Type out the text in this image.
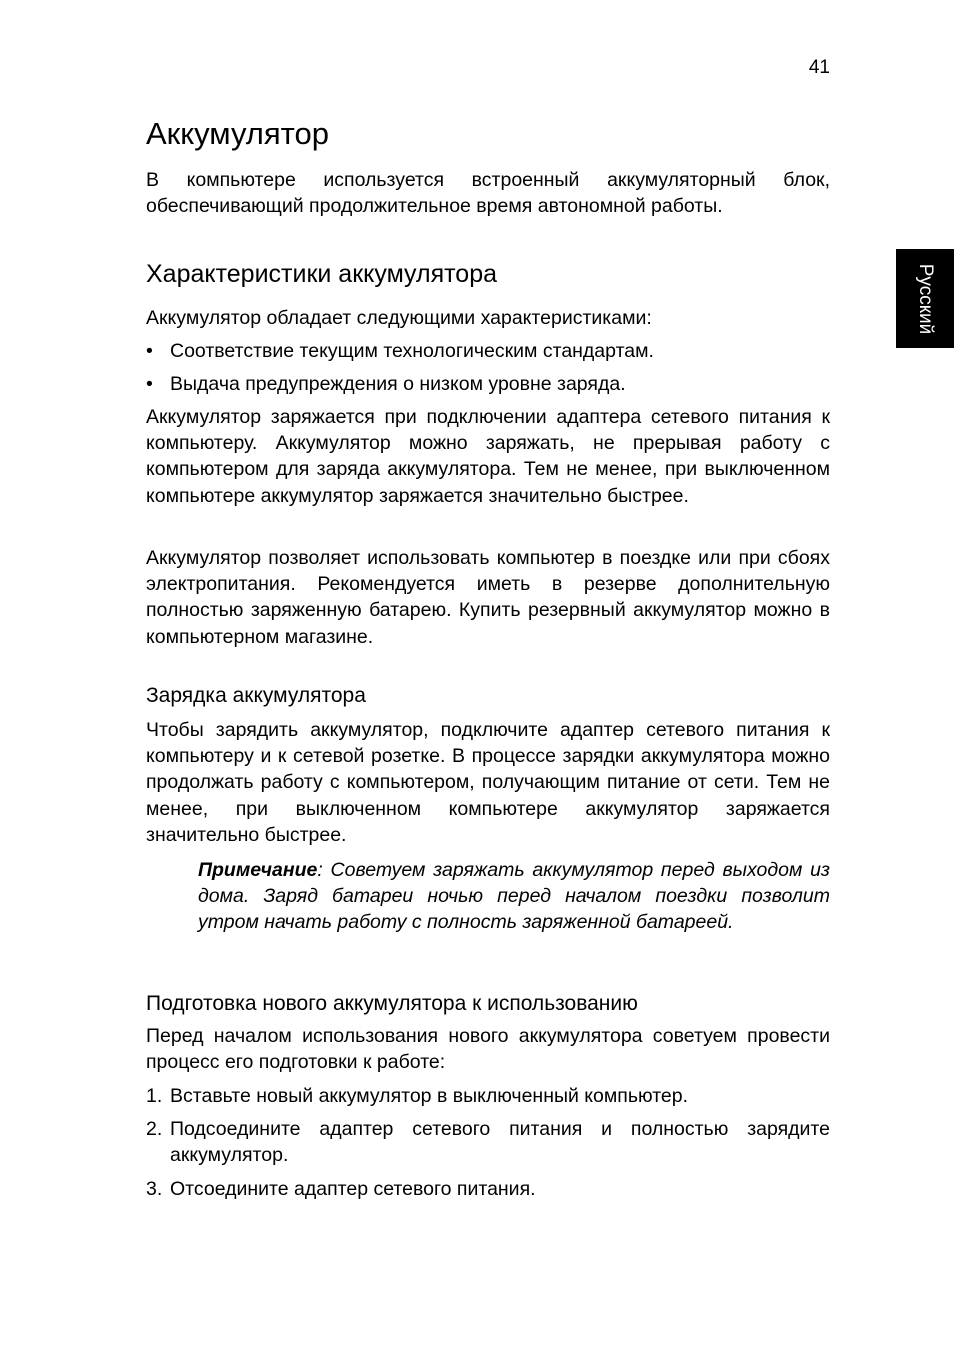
41
Русский
Аккумулятор

В компьютере используется встроенный аккумуляторный блок, обеспечивающий продолжительное время автономной работы.

Характеристики аккумулятора

Аккумулятор обладает следующими характеристиками:

• Соответствие текущим технологическим стандартам.
• Выдача предупреждения о низком уровне заряда.

Аккумулятор заряжается при подключении адаптера сетевого питания к компьютеру. Аккумулятор можно заряжать, не прерывая работу с компьютером для заряда аккумулятора. Тем не менее, при выключенном компьютере аккумулятор заряжается значительно быстрее.

Аккумулятор позволяет использовать компьютер в поездке или при сбоях электропитания. Рекомендуется иметь в резерве дополнительную полностью заряженную батарею. Купить резервный аккумулятор можно в компьютерном магазине.

Зарядка аккумулятора

Чтобы зарядить аккумулятор, подключите адаптер сетевого питания к компьютеру и к сетевой розетке. В процессе зарядки аккумулятора можно продолжать работу с компьютером, получающим питание от сети. Тем не менее, при выключенном компьютере аккумулятор заряжается значительно быстрее.

Примечание: Советуем заряжать аккумулятор перед выходом из дома. Заряд батареи ночью перед началом поездки позволит утром начать работу с полность заряженной батареей.

Подготовка нового аккумулятора к использованию

Перед началом использования нового аккумулятора советуем провести процесс его подготовки к работе:

1. Вставьте новый аккумулятор в выключенный компьютер.
2. Подсоедините адаптер сетевого питания и полностью зарядите аккумулятор.
3. Отсоедините адаптер сетевого питания.
